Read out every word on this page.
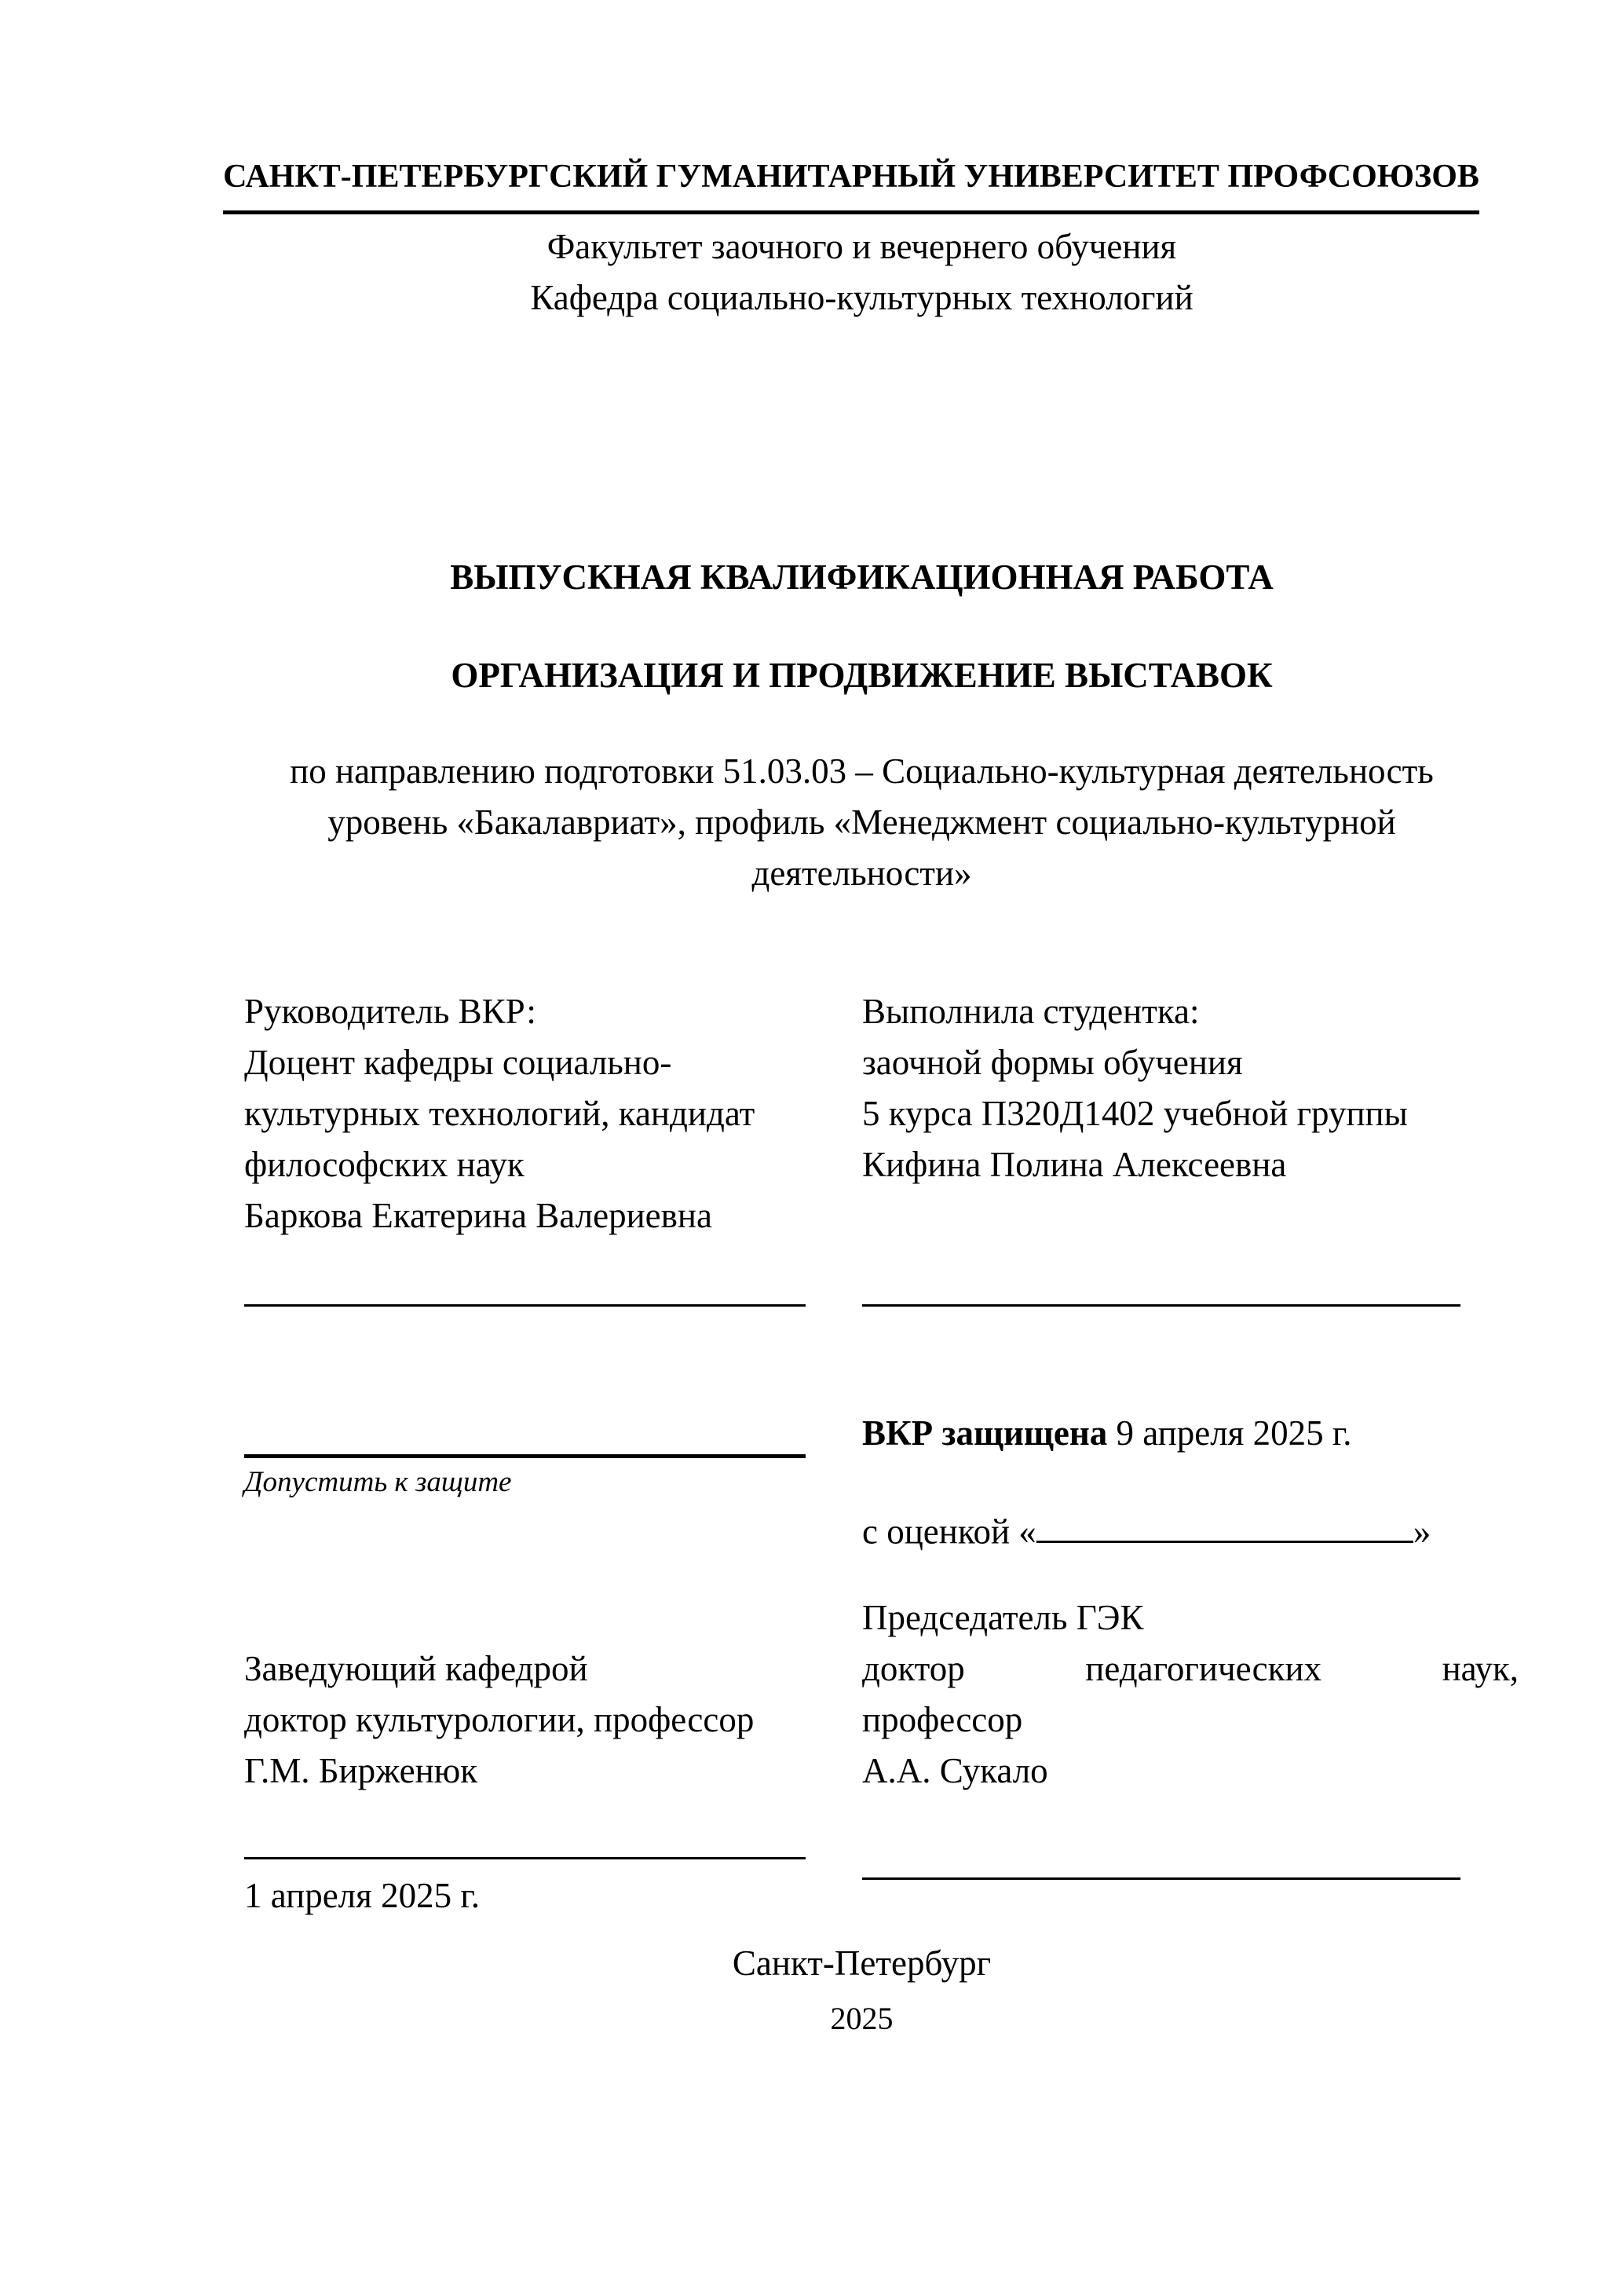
САНКТ-ПЕТЕРБУРГСКИЙ ГУМАНИТАРНЫЙ УНИВЕРСИТЕТ ПРОФСОЮЗОВ
Факультет заочного и вечернего обучения
Кафедра социально-культурных технологий
ВЫПУСКНАЯ КВАЛИФИКАЦИОННАЯ РАБОТА
ОРГАНИЗАЦИЯ И ПРОДВИЖЕНИЕ ВЫСТАВОК
по направлению подготовки 51.03.03 – Социально-культурная деятельность
уровень «Бакалавриат», профиль «Менеджмент социально-культурной деятельности»
Руководитель ВКР:
Доцент кафедры социально-культурных технологий, кандидат философских наук
Баркова Екатерина Валериевна
Выполнила студентка:
заочной формы обучения
5 курса П320Д1402 учебной группы
Кифина Полина Алексеевна
ВКР защищена 9 апреля 2025 г.
Допустить к защите
с оценкой «	»
Председатель ГЭК
доктор педагогических наук,
профессор
А.А. Сукало
Заведующий кафедрой
доктор культурологии, профессор
Г.М. Бирженюк
1 апреля 2025 г.
Санкт-Петербург
2025
